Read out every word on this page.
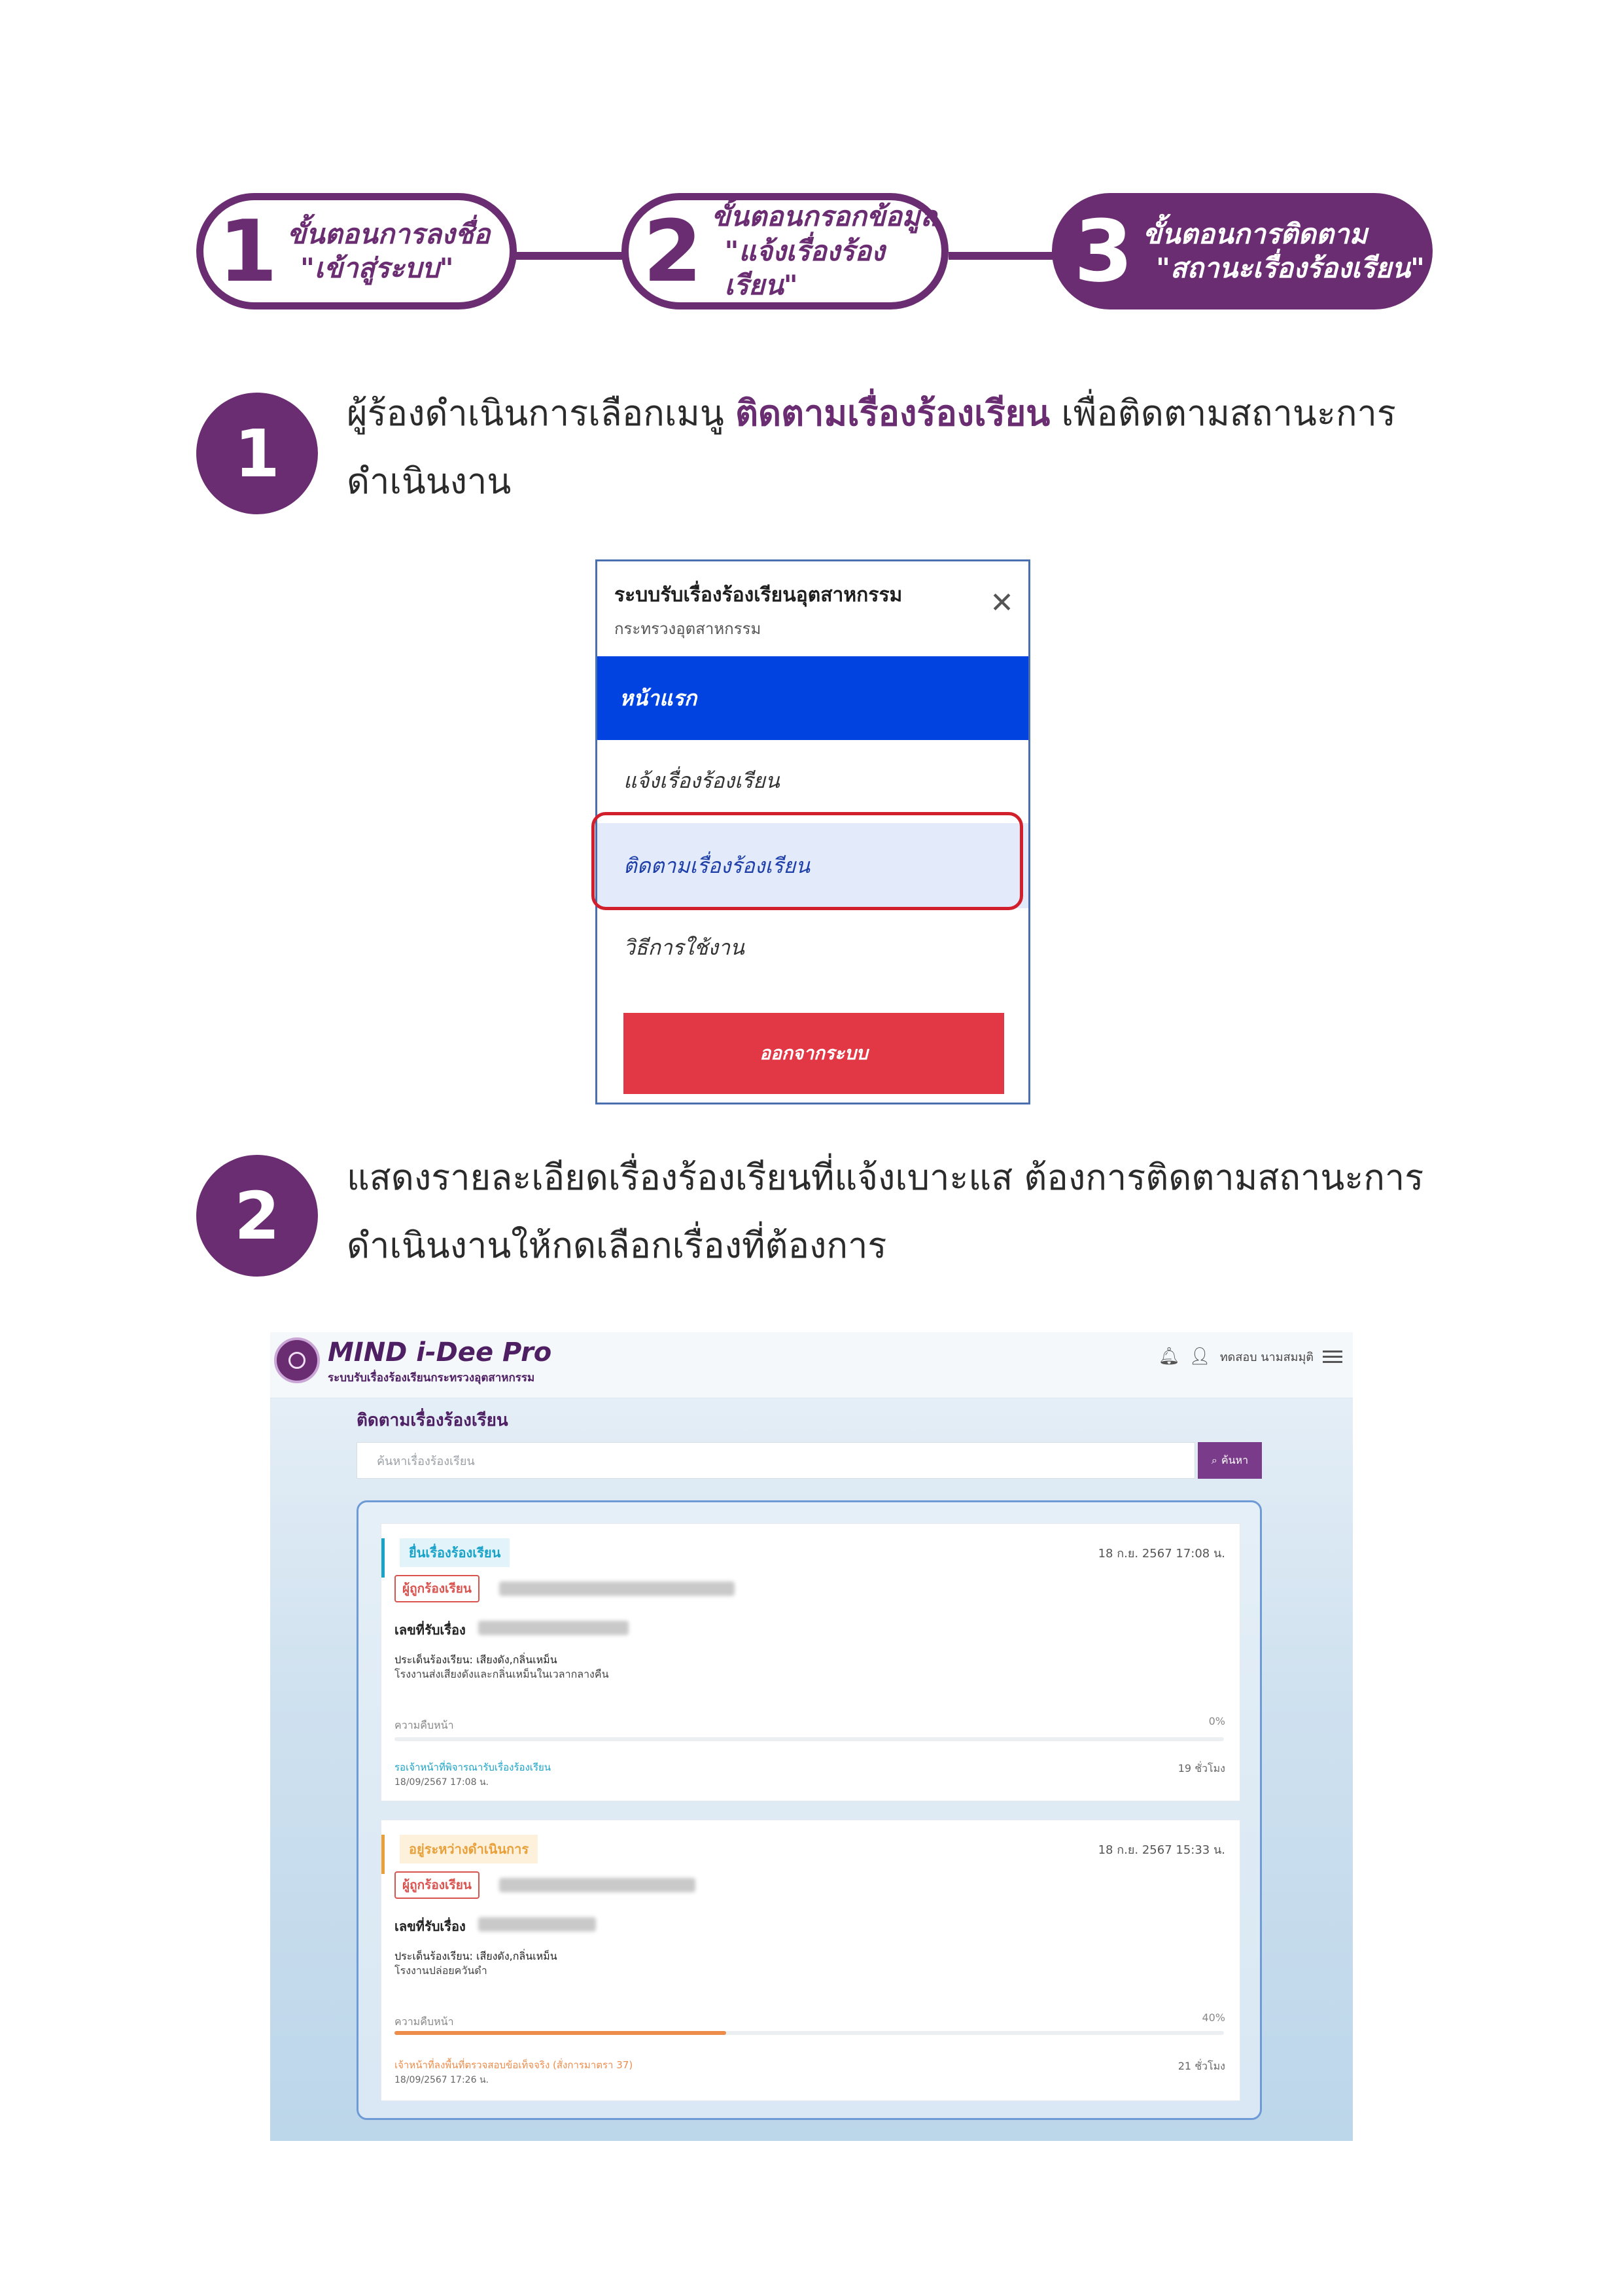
1 ขั้นตอนการลงชื่อ
"เข้าสู่ระบบ"	2 ขั้นตอนกรอกข้อมูล
"แจ้งเรื่องร้องเรียน"	3 ขั้นตอนการติดตาม
"สถานะเรื่องร้องเรียน"
1
ผู้ร้องดำเนินการเลือกเมนู ติดตามเรื่องร้องเรียน เพื่อติดตามสถานะการ
ดำเนินงาน
ระบบรับเรื่องร้องเรียนอุตสาหกรรม
กระทรวงอุตสาหกรรม
✕
หน้าแรก
แจ้งเรื่องร้องเรียน
ติดตามเรื่องร้องเรียน
วิธีการใช้งาน
ออกจากระบบ
2	แสดงรายละเอียดเรื่องร้องเรียนที่แจ้งเบาะแส ต้องการติดตามสถานะการ
ดำเนินงานให้กดเลือกเรื่องที่ต้องการ
MIND i-Dee Pro
ระบบรับเรื่องร้องเรียนกระทรวงอุตสาหกรรม
🔔︎ 👤︎ ทดสอบ นามสมมุติ
ติดตามเรื่องร้องเรียน
ค้นหาเรื่องร้องเรียน	⌕ ค้นหา
ยื่นเรื่องร้องเรียน	18 ก.ย. 2567 17:08 น.
ผู้ถูกร้องเรียน
เลขที่รับเรื่อง
ประเด็นร้องเรียน: เสียงดัง,กลิ่นเหม็น
โรงงานส่งเสียงดังและกลิ่นเหม็นในเวลากลางคืน
ความคืบหน้า	0%
รอเจ้าหน้าที่พิจารณารับเรื่องร้องเรียน
18/09/2567 17:08 น.
19 ชั่วโมง
อยู่ระหว่างดำเนินการ	18 ก.ย. 2567 15:33 น.
ผู้ถูกร้องเรียน
เลขที่รับเรื่อง
ประเด็นร้องเรียน: เสียงดัง,กลิ่นเหม็น
โรงงานปล่อยควันดำ
ความคืบหน้า	40%
เจ้าหน้าที่ลงพื้นที่ตรวจสอบข้อเท็จจริง (สั่งการมาตรา 37)
18/09/2567 17:26 น.
21 ชั่วโมง
